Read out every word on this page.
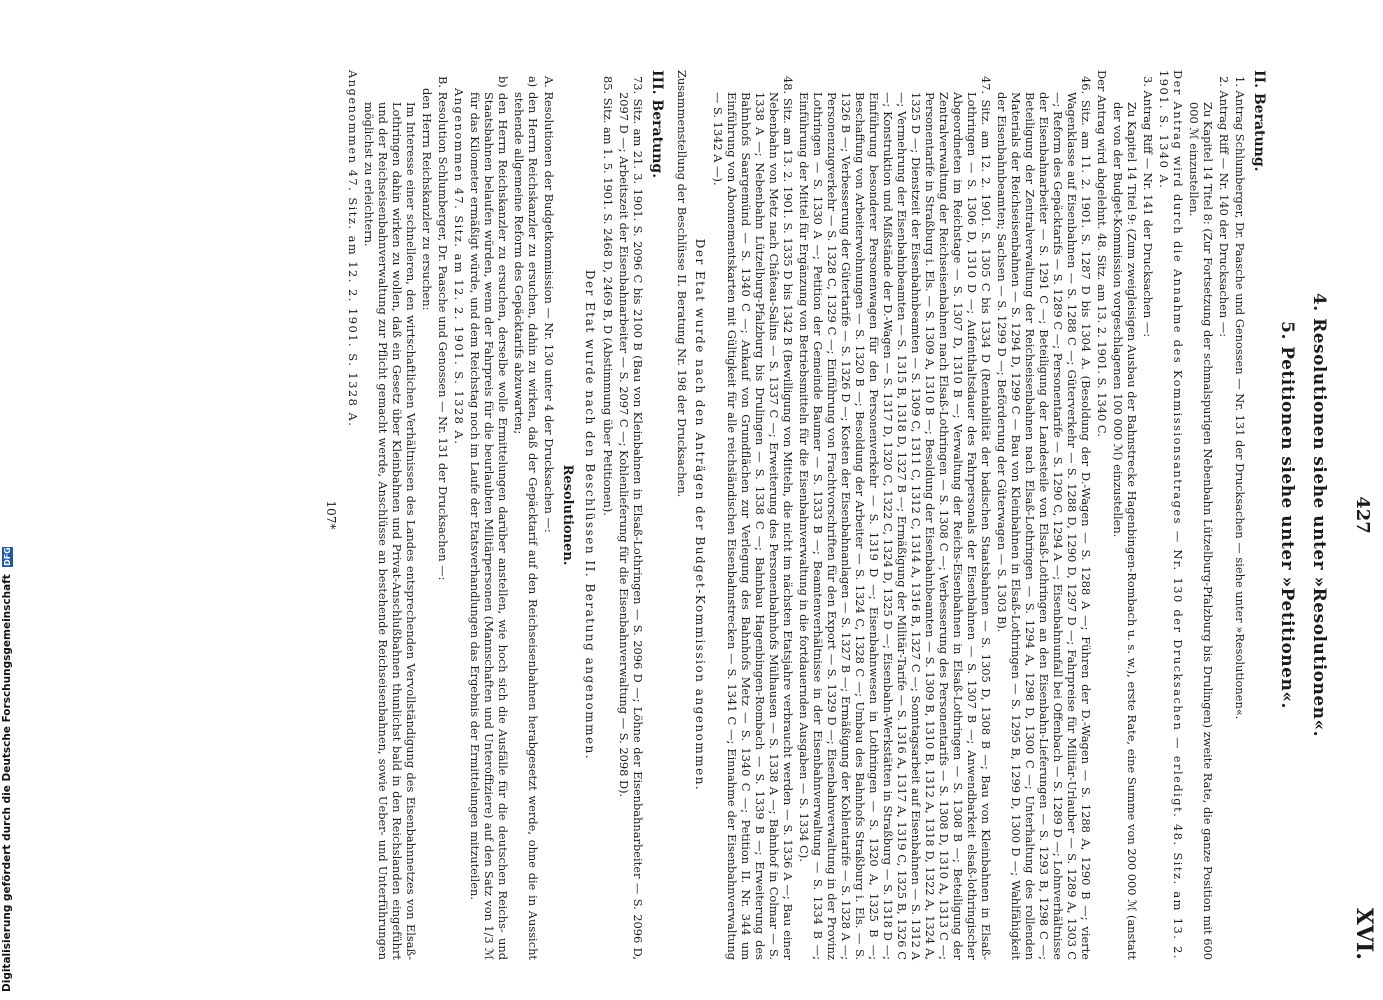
427
XVI.
4. Resolutionen siehe unter »Resolutionen«.
5. Petitionen siehe unter »Petitionen«.
II. Beratung.

1. Antrag Schlumberger, Dr. Paasche und Genossen — Nr. 131 der Drucksachen — siehe unter »Resolutionen«.

2. Antrag Riff — Nr. 140 der Drucksachen —:

Zu Kapitel 14 Titel 8: (Zur Fortsetzung der schmalspurigen Nebenbahn Lützelburg-Pfalzburg bis Drulingen) zweite Rate, die ganze Position mit 600 000 ℳ einzustellen.

Der Antrag wird durch die Annahme des Kommissionsantrages — Nr. 130 der Drucksachen — erledigt. 48. Sitz. am 13. 2. 1901. S. 1340 A.

3. Antrag Riff — Nr. 141 der Drucksachen —:

Zu Kapitel 14 Titel 9: (Zum zweigleisigen Ausbau der Bahnstrecke Hagenbingen-Rombach u. s. w.), erste Rate, eine Summe von 200 000 ℳ (anstatt der von der Budget-Kommission vorgeschlagenen 100 000 ℳ) einzustellen.

Der Antrag wird abgelehnt. 48. Sitz. am 13. 2. 1901. S. 1340 C.

46. Sitz. am 11. 2. 1901. S. 1287 D bis 1304 A. (Besoldung der D.-Wagen — S. 1288 A —; Führen der D.-Wagen — S. 1288 A, 1290 B —; vierte Wagenklasse auf Eisenbahnen — S. 1288 C —; Güterverkehr — S. 1288 D, 1290 D, 1297 D —; Fahrpreise für Militär-Urlauber — S. 1289 A, 1303 C —; Reform des Gepäcktarifs — S. 1289 C —; Personentarife — S. 1290 C, 1294 A —; Eisenbahnunfall bei Offenbach — S. 1289 D —; Lohnverhältnisse der Eisenbahnarbeiter — S. 1291 C —; Beteiligung der Landesteile von Elsaß-Lothringen an den Eisenbahn-Lieferungen — S. 1293 B, 1298 C —; Beteiligung der Zentralverwaltung der Reichseisenbahnen nach Elsaß-Lothringen — S. 1294 A, 1298 D, 1300 C —; Unterhaltung des rollenden Materials der Reichseisenbahnen — S. 1294 D, 1299 C — Bau von Kleinbahnen in Elsaß-Lothringen — S. 1295 B, 1299 D, 1300 D —; Wahlfähigkeit der Eisenbahnbeamten; Sachsen — S. 1299 D —; Beförderung der Güterwagen — S. 1303 B).

47. Sitz. am 12. 2. 1901. S. 1305 C bis 1334 D (Rentabilität der badischen Staatsbahnen — S. 1305 D, 1308 B —; Bau von Kleinbahnen in Elsaß-Lothringen — S. 1306 D, 1310 D —; Aufenthaltsdauer des Fahrpersonals der Eisenbahnen — S. 1307 B —; Anwendbarkeit elsaß-lothringischer Abgeordneten im Reichstage — S. 1307 D, 1310 B —; Verwaltung der Reichs-Eisenbahnen in Elsaß-Lothringen — S. 1308 B —; Beteiligung der Zentralverwaltung der Reichseisenbahnen nach Elsaß-Lothringen — S. 1308 C —; Verbesserung des Personentarifs — S. 1308 D, 1310 A, 1313 C —; Personentarife in Straßburg i. Els. — S. 1309 A, 1310 B —; Besoldung der Eisenbahnbeamten — S. 1309 B, 1310 B, 1312 A, 1318 D, 1322 A, 1324 A, 1325 D —; Dienstzeit der Eisenbahnbeamten — S. 1309 C, 1311 C, 1312 C, 1314 A, 1316 B, 1327 C —; Sonntagsarbeit auf Eisenbahnen — S. 1312 A —; Vermehrung der Eisenbahnbeamten — S. 1315 B, 1318 D, 1327 B —; Ermäßigung der Militär-Tarife — S. 1316 A, 1317 A, 1319 C, 1325 B, 1326 C —; Konstruktion und Mißstände der D.-Wagen — S. 1317 D, 1320 C, 1322 C, 1324 D, 1325 D —; Eisenbahn-Werkstätten in Straßburg — S. 1318 D —; Einführung besonderer Personenwagen für den Personenverkehr — S. 1319 D —; Eisenbahnwesen in Lothringen — S. 1320 A, 1325 B —; Beschaffung von Arbeiterwohnungen — S. 1320 B —; Besoldung der Arbeiter — S. 1324 C, 1328 C —; Umbau des Bahnhofs Straßburg i. Els. — S. 1326 B —; Verbesserung der Gütertarife — S. 1326 D —; Kosten der Eisenbahnanlagen — S. 1327 B —; Ermäßigung der Kohlentarife — S. 1328 A —; Personenzugverkehr — S. 1328 C, 1329 C —; Einführung von Frachtvorschriften für den Export — S. 1329 D —; Eisenbahnverwaltung in der Provinz Lothringen — S. 1330 A —; Petition der Gemeinde Baumer — S. 1333 B —; Beamtenverhältnisse in der Eisenbahnverwaltung — S. 1334 B —; Einführung der Mittel für Ergänzung von Betriebsmitteln für die Eisenbahnverwaltung in die fortdauernden Ausgaben — S. 1334 C).

48. Sitz. am 13. 2. 1901. S. 1335 D bis 1342 B (Bewilligung von Mitteln, die nicht im nächsten Etatsjahre verbraucht werden — S. 1336 A —; Bau einer Nebenbahn von Metz nach Château-Salins — S. 1337 C —; Erweiterung des Personenbahnhofs Mülhausen — S. 1338 A —; Bahnhof in Colmar — S. 1338 A —; Nebenbahn Lützelburg-Pfalzburg bis Drulingen — S. 1338 C —; Bahnbau Hagenbingen-Rombach — S. 1339 B —; Erweiterung des Bahnhofs Saargemünd — S. 1340 C —; Ankauf von Grundflächen zur Verlegung des Bahnhofs Metz — S. 1340 C —; Petition II. Nr. 344 um Einführung von Abonnementskarten mit Gültigkeit für alle reichsländischen Eisenbahnstrecken — S. 1341 C —; Einnahme der Eisenbahnverwaltung — S. 1342 A —).

Der Etat wurde nach den Anträgen der Budget-Kommission angenommen.

Zusammenstellung der Beschlüsse II. Beratung Nr. 198 der Drucksachen.

III. Beratung.

73. Sitz. am 21. 3. 1901. S. 2096 C bis 2100 B (Bau von Kleinbahnen in Elsaß-Lothringen — S. 2096 D —; Löhne der Eisenbahnarbeiter — S. 2096 D, 2097 D —; Arbeitszeit der Eisenbahnarbeiter — S. 2097 C —; Kohlenlieferung für die Eisenbahnverwaltung — S. 2098 D).

85. Sitz. am 1. 5. 1901. S. 2468 D, 2469 B, D (Abstimmung über Petitionen).

Der Etat wurde nach den Beschlüssen II. Beratung angenommen.
Resolutionen.

A. Resolutionen der Budgetkommission — Nr. 130 unter 4 der Drucksachen —:

a) den Herrn Reichskanzler zu ersuchen, dahin zu wirken, daß der Gepäcktarif auf den Reichseisenbahnen herabgesetzt werde, ohne die in Aussicht stehende allgemeine Reform des Gepäcktarifs abzuwarten;

b) den Herrn Reichskanzler zu ersuchen, derselbe wolle Ermittelungen darüber anstellen, wie hoch sich die Ausfälle für die deutschen Reichs- und Staatsbahnen belaufen würden, wenn der Fahrpreis für die beurlaubten Militärpersonen (Mannschaften und Unteroffiziere) auf den Satz von 1/3 ℳ für das Kilometer ermäßigt würde, und dem Reichstag noch im Laufe der Etatsverhandlungen das Ergebnis der Ermittelungen mitzuteilen.

Angenommen 47. Sitz. am 12. 2. 1901. S. 1328 A.

B. Resolution Schlumberger, Dr. Paasche und Genossen — Nr. 131 der Drucksachen —:

den Herrn Reichskanzler zu ersuchen:

Im Interesse einer schnelleren, den wirtschaftlichen Verhältnissen des Landes entsprechenden Vervollständigung des Eisenbahnnetzes von Elsaß-Lothringen dahin wirken zu wollen, daß ein Gesetz über Kleinbahnen und Privat-Anschlußbahnen thunlichst bald in den Reichslanden eingeführt und der Reichseisenbahnverwaltung zur Pflicht gemacht werde, Anschlüsse an bestehende Reichseisenbahnen, sowie Ueber- und Unterführungen möglichst zu erleichtern.

Angenommen 47. Sitz. am 12. 2. 1901. S. 1328 A.

107*
Digitalisierung gefördert durch die Deutsche Forschungsgemeinschaft DFG
